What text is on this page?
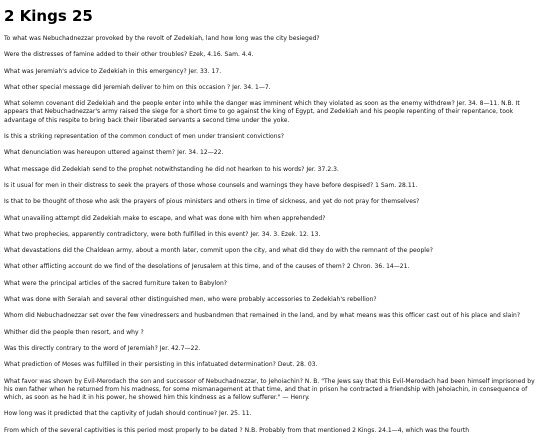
2 Kings 25

To what was Nebuchadnezzar provoked by the revolt of Zedekiah, land how long was the city besieged?

Were the distresses of famine added to their other troubles? Ezek, 4.16. Sam. 4.4.

What was Jeremiah's advice to Zedekiah in this emergency? Jer. 33. 17.

What other special message did Jeremiah deliver to him on this occasion ? Jer. 34. 1—7.

What solemn covenant did Zedekiah and the people enter into while the danger was imminent which they violated as soon as the enemy withdrew? Jer. 34. 8—11. N.B. It appears that Nebuchadnezzar's army raised the siege for a short time to go against the king of Egypt, and Zedekiah and his people repenting of their repentance, took advantage of this respite to bring back their liberated servants a second time under the yoke.

Is this a striking representation of the common conduct of men under transient convictions?

What denunciation was hereupon uttered against them? Jer. 34. 12—22.

What message did Zedekiah send to the prophet notwithstanding he did not hearken to his words? Jer. 37.2.3.

Is it usual for men in their distress to seek the prayers of those whose counsels and warnings they have before despised? 1 Sam. 28.11.

Is that to be thought of those who ask the prayers of pious ministers and others in time of sickness, and yet do not pray for themselves?

What unavailing attempt did Zedekiah make to escape, and what was done with him when apprehended?

What two prophecies, apparently contradictory, were both fulfilled in this event? Jer. 34. 3. Ezek. 12. 13.

What devastations did the Chaldean army, about a month later, commit upon the city, and what did they do with the remnant of the people?

What other afflicting account do we find of the desolations of Jerusalem at this time, and of the causes of them? 2 Chron. 36. 14—21.

What were the principal articles of the sacred furniture taken to Babylon?

What was done with Seraiah and several other distinguished men, who were probably accessories to Zedekiah's rebellion?

Whom did Nebuchadnezzar set over the few vinedressers and husbandmen that remained in the land, and by what means was this officer cast out of his place and slain?

Whither did the people then resort, and why ?

Was this directly contrary to the word of Jeremiah? Jer. 42.7—22.

What prediction of Moses was fulfilled in their persisting in this infatuated determination? Deut. 28. 03.

What favor was shown by Evil-Merodach the son and successor of Nebuchadnezzar, to Jehoiachin? N. B. "The Jews say that this Evil-Merodach had been himself imprisoned by his own father when he returned from his madness, for some mismanagement at that time, and that in prison he contracted a friendship with Jehoiachin, in consequence of which, as soon as he had it in his power, he showed him this kindness as a fellow sufferer." — Henry.

How long was it predicted that the captivity of Judah should continue? Jer. 25. 11.

From which of the several captivities is this period most properly to be dated ? N.B. Probably from that mentioned 2 Kings. 24.1—4, which was the fourth
